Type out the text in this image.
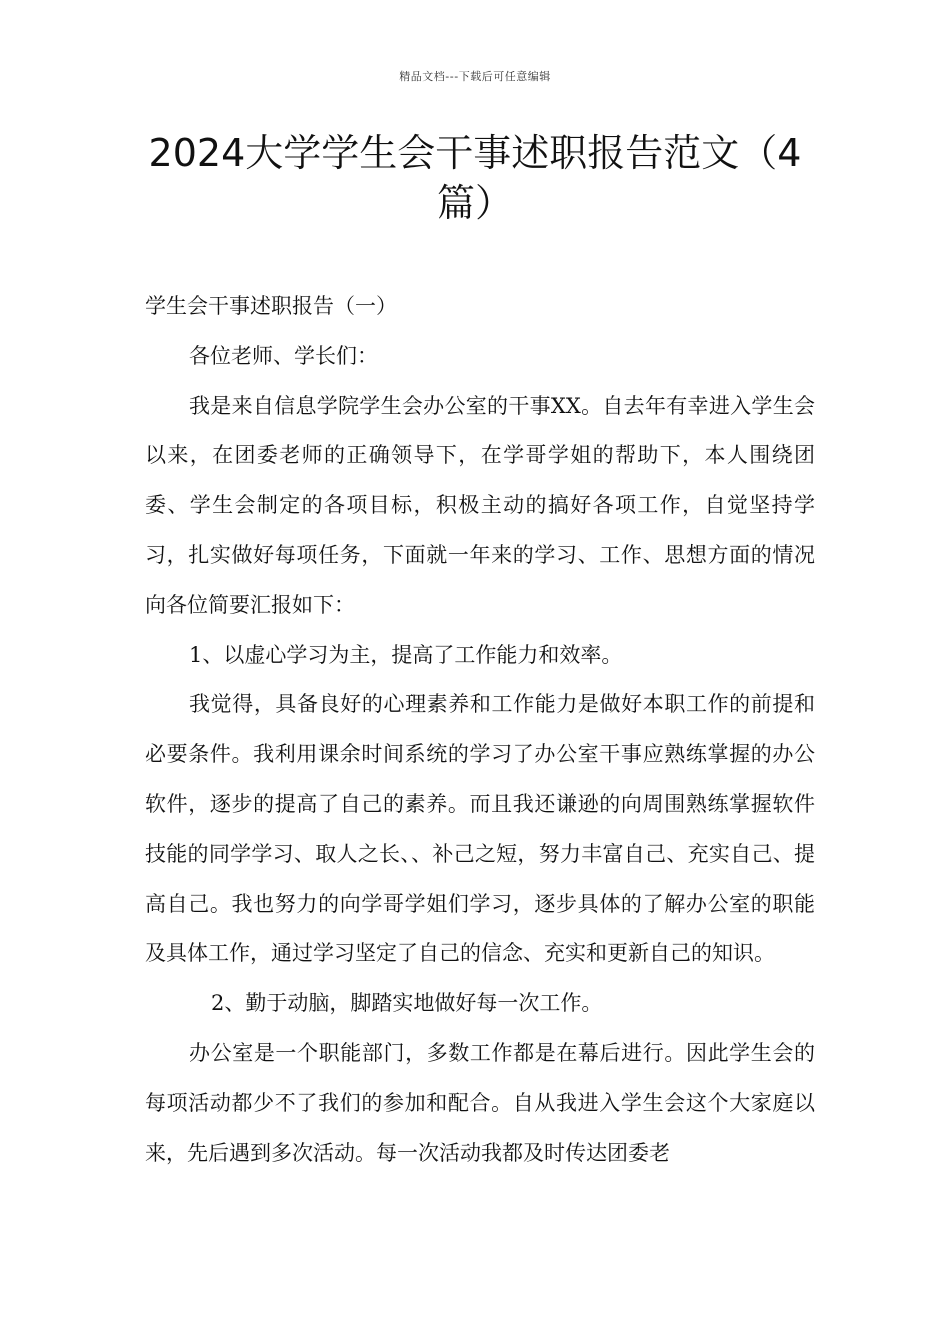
精品文档---下载后可任意编辑
2024大学学生会干事述职报告范文（4篇）

学生会干事述职报告（一）

各位老师、学长们：

我是来自信息学院学生会办公室的干事XX。自去年有幸进入学生会以来，在团委老师的正确领导下，在学哥学姐的帮助下，本人围绕团委、学生会制定的各项目标，积极主动的搞好各项工作，自觉坚持学习，扎实做好每项任务，下面就一年来的学习、工作、思想方面的情况向各位简要汇报如下：

1、以虚心学习为主，提高了工作能力和效率。

我觉得，具备良好的心理素养和工作能力是做好本职工作的前提和必要条件。我利用课余时间系统的学习了办公室干事应熟练掌握的办公软件，逐步的提高了自己的素养。而且我还谦逊的向周围熟练掌握软件技能的同学学习、取人之长、、补己之短，努力丰富自己、充实自己、提高自己。我也努力的向学哥学姐们学习，逐步具体的了解办公室的职能及具体工作，通过学习坚定了自己的信念、充实和更新自己的知识。

2、勤于动脑，脚踏实地做好每一次工作。

办公室是一个职能部门，多数工作都是在幕后进行。因此学生会的每项活动都少不了我们的参加和配合。自从我进入学生会这个大家庭以来，先后遇到多次活动。每一次活动我都及时传达团委老
